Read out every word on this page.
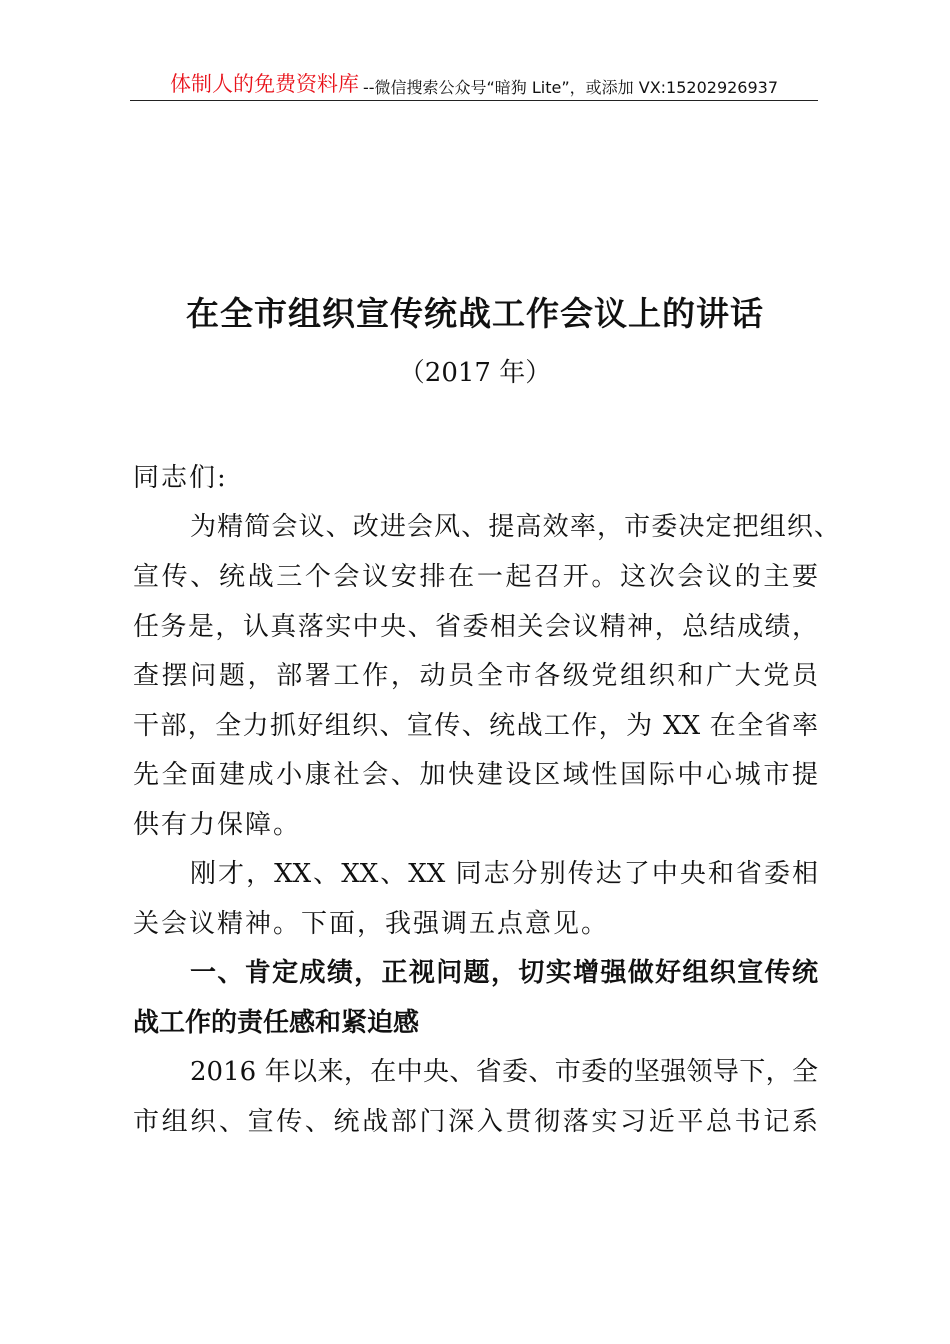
体制人的免费资料库 --微信搜索公众号“暗狗 Lite”，或添加 VX:15202926937
在全市组织宣传统战工作会议上的讲话
（2017 年）
同志们:
为精简会议、改进会风、提高效率，市委决定把组织、
宣传、统战三个会议安排在一起召开。这次会议的主要
任务是，认真落实中央、省委相关会议精神，总结成绩，
查摆问题，部署工作，动员全市各级党组织和广大党员
干部，全力抓好组织、宣传、统战工作，为 XX 在全省率
先全面建成小康社会、加快建设区域性国际中心城市提
供有力保障。
刚才，XX、XX、XX 同志分别传达了中央和省委相
关会议精神。下面，我强调五点意见。
一、肯定成绩，正视问题，切实增强做好组织宣传统
战工作的责任感和紧迫感
2016 年以来，在中央、省委、市委的坚强领导下，全
市组织、宣传、统战部门深入贯彻落实习近平总书记系
